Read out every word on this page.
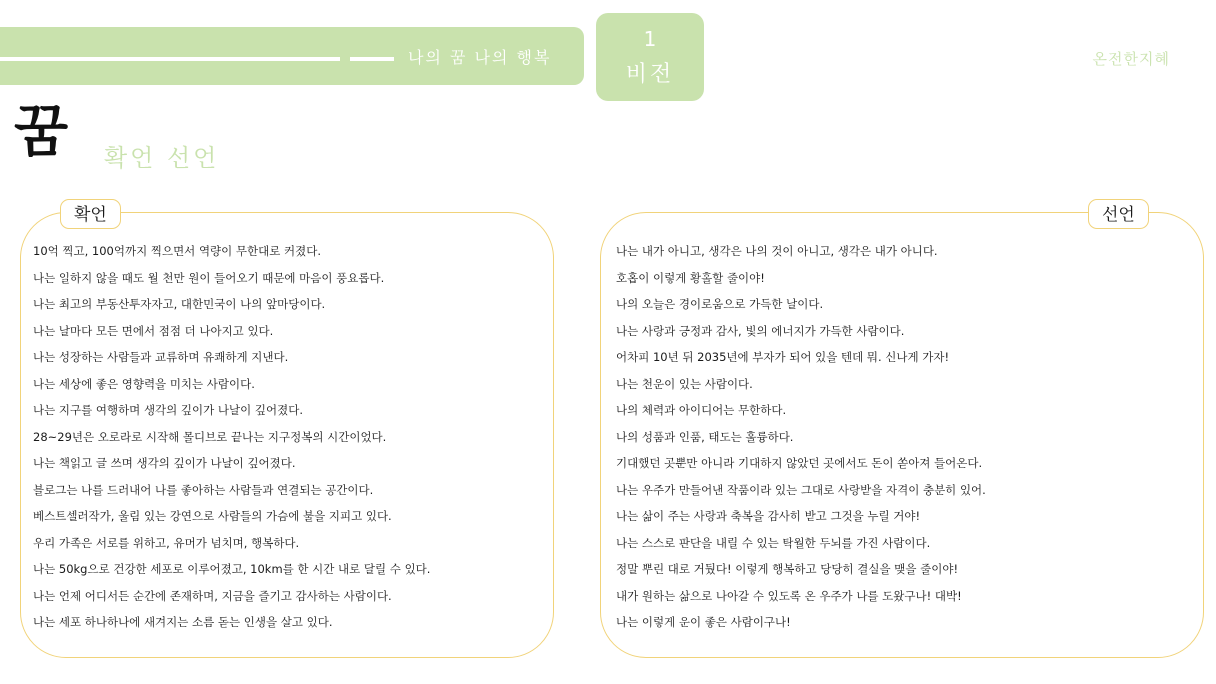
나의 꿈 나의 행복
1
비전
온전한지혜
꿈 확언 선언
확언	선언
10억 찍고, 100억까지 찍으면서 역량이 무한대로 커졌다.
나는 일하지 않을 때도 월 천만 원이 들어오기 때문에 마음이 풍요롭다.
나는 최고의 부동산투자자고, 대한민국이 나의 앞마당이다.
나는 날마다 모든 면에서 점점 더 나아지고 있다.
나는 성장하는 사람들과 교류하며 유쾌하게 지낸다.
나는 세상에 좋은 영향력을 미치는 사람이다.
나는 지구를 여행하며 생각의 깊이가 나날이 깊어졌다.
28~29년은 오로라로 시작해 몰디브로 끝나는 지구정복의 시간이었다.
나는 책읽고 글 쓰며 생각의 깊이가 나날이 깊어졌다.
블로그는 나를 드러내어 나를 좋아하는 사람들과 연결되는 공간이다.
베스트셀러작가, 울림 있는 강연으로 사람들의 가슴에 불을 지피고 있다.
우리 가족은 서로를 위하고, 유머가 넘치며, 행복하다.
나는 50kg으로 건강한 세포로 이루어졌고, 10km를 한 시간 내로 달릴 수 있다.
나는 언제 어디서든 순간에 존재하며, 지금을 즐기고 감사하는 사람이다.
나는 세포 하나하나에 새겨지는 소름 돋는 인생을 살고 있다.
나는 내가 아니고, 생각은 나의 것이 아니고, 생각은 내가 아니다.
호홉이 이렇게 황홀할 줄이야!
나의 오늘은 경이로움으로 가득한 날이다.
나는 사랑과 긍정과 감사, 빛의 에너지가 가득한 사람이다.
어차피 10년 뒤 2035년에 부자가 되어 있을 텐데 뭐. 신나게 가자!
나는 천운이 있는 사람이다.
나의 체력과 아이디어는 무한하다.
나의 성품과 인품, 태도는 훌륭하다.
기대했던 곳뿐만 아니라 기대하지 않았던 곳에서도 돈이 쏟아져 들어온다.
나는 우주가 만들어낸 작품이라 있는 그대로 사랑받을 자격이 충분히 있어.
나는 삶이 주는 사랑과 축복을 감사히 받고 그것을 누릴 거야!
나는 스스로 판단을 내릴 수 있는 탁월한 두뇌를 가진 사람이다.
정말 뿌린 대로 거뒀다! 이렇게 행복하고 당당히 결실을 맺을 줄이야!
내가 원하는 삶으로 나아갈 수 있도록 온 우주가 나를 도왔구나! 대박!
나는 이렇게 운이 좋은 사람이구나!
